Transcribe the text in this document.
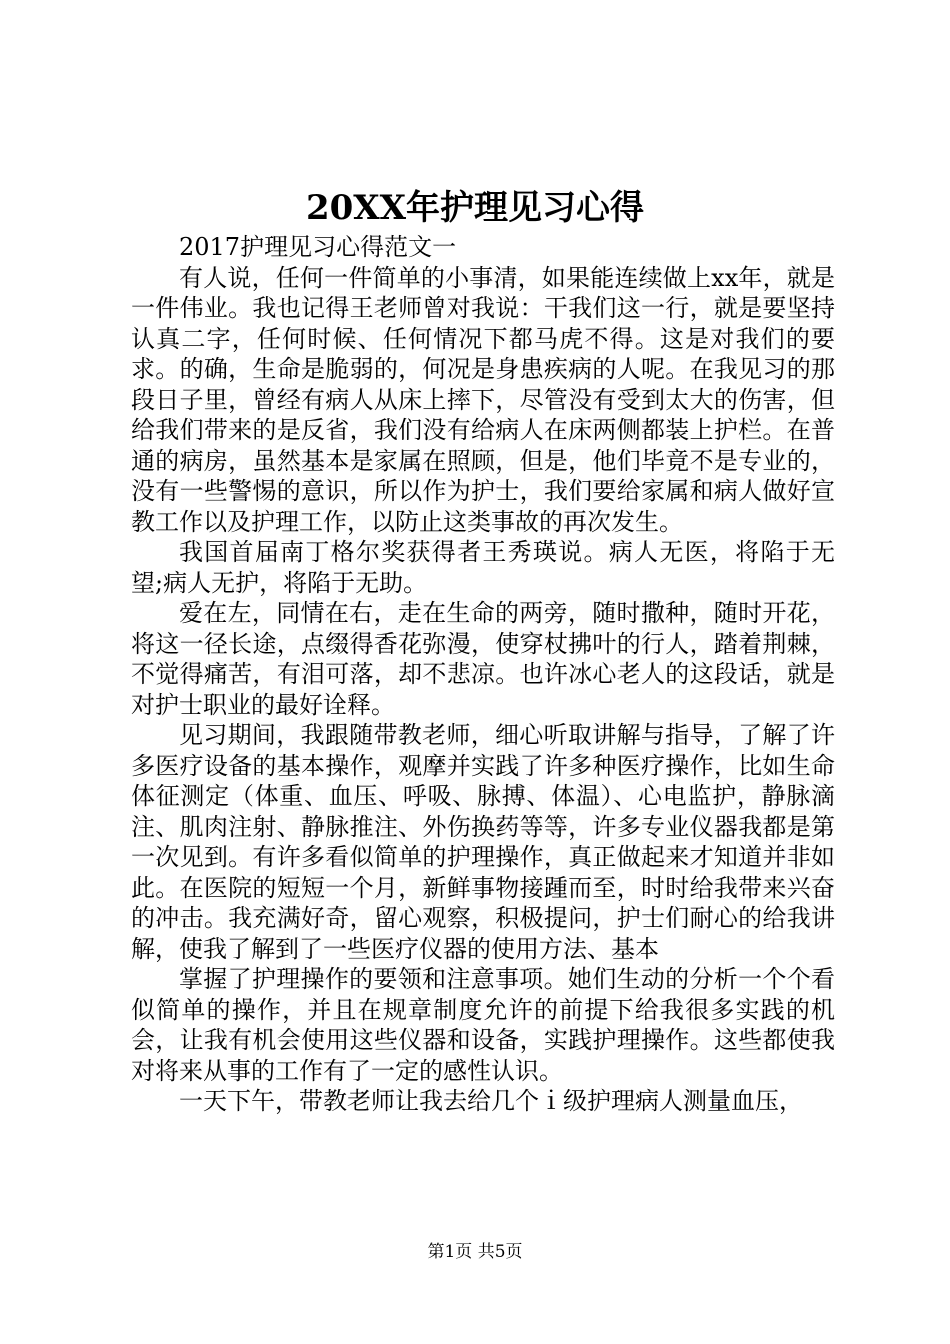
20XX年护理见习心得

2017护理见习心得范文一

有人说，任何一件简单的小事清，如果能连续做上xx年，就是一件伟业。我也记得王老师曾对我说：干我们这一行，就是要坚持认真二字，任何时候、任何情况下都马虎不得。这是对我们的要求。的确，生命是脆弱的，何况是身患疾病的人呢。在我见习的那段日子里，曾经有病人从床上摔下，尽管没有受到太大的伤害，但给我们带来的是反省，我们没有给病人在床两侧都装上护栏。在普通的病房，虽然基本是家属在照顾，但是，他们毕竟不是专业的，没有一些警惕的意识，所以作为护士，我们要给家属和病人做好宣教工作以及护理工作，以防止这类事故的再次发生。

我国首届南丁格尔奖获得者王秀瑛说。病人无医，将陷于无望;病人无护，将陷于无助。

爱在左，同情在右，走在生命的两旁，随时撒种，随时开花，将这一径长途，点缀得香花弥漫，使穿杖拂叶的行人，踏着荆棘，不觉得痛苦，有泪可落，却不悲凉。也许冰心老人的这段话，就是对护士职业的最好诠释。

见习期间，我跟随带教老师，细心听取讲解与指导，了解了许多医疗设备的基本操作，观摩并实践了许多种医疗操作，比如生命体征测定（体重、血压、呼吸、脉搏、体温）、心电监护，静脉滴注、肌肉注射、静脉推注、外伤换药等等，许多专业仪器我都是第一次见到。有许多看似简单的护理操作，真正做起来才知道并非如此。在医院的短短一个月，新鲜事物接踵而至，时时给我带来兴奋的冲击。我充满好奇，留心观察，积极提问，护士们耐心的给我讲解，使我了解到了一些医疗仪器的使用方法、基本

掌握了护理操作的要领和注意事项。她们生动的分析一个个看似简单的操作，并且在规章制度允许的前提下给我很多实践的机会，让我有机会使用这些仪器和设备，实践护理操作。这些都使我对将来从事的工作有了一定的感性认识。

一天下午，带教老师让我去给几个ｉ级护理病人测量血压，

第1页 共5页
